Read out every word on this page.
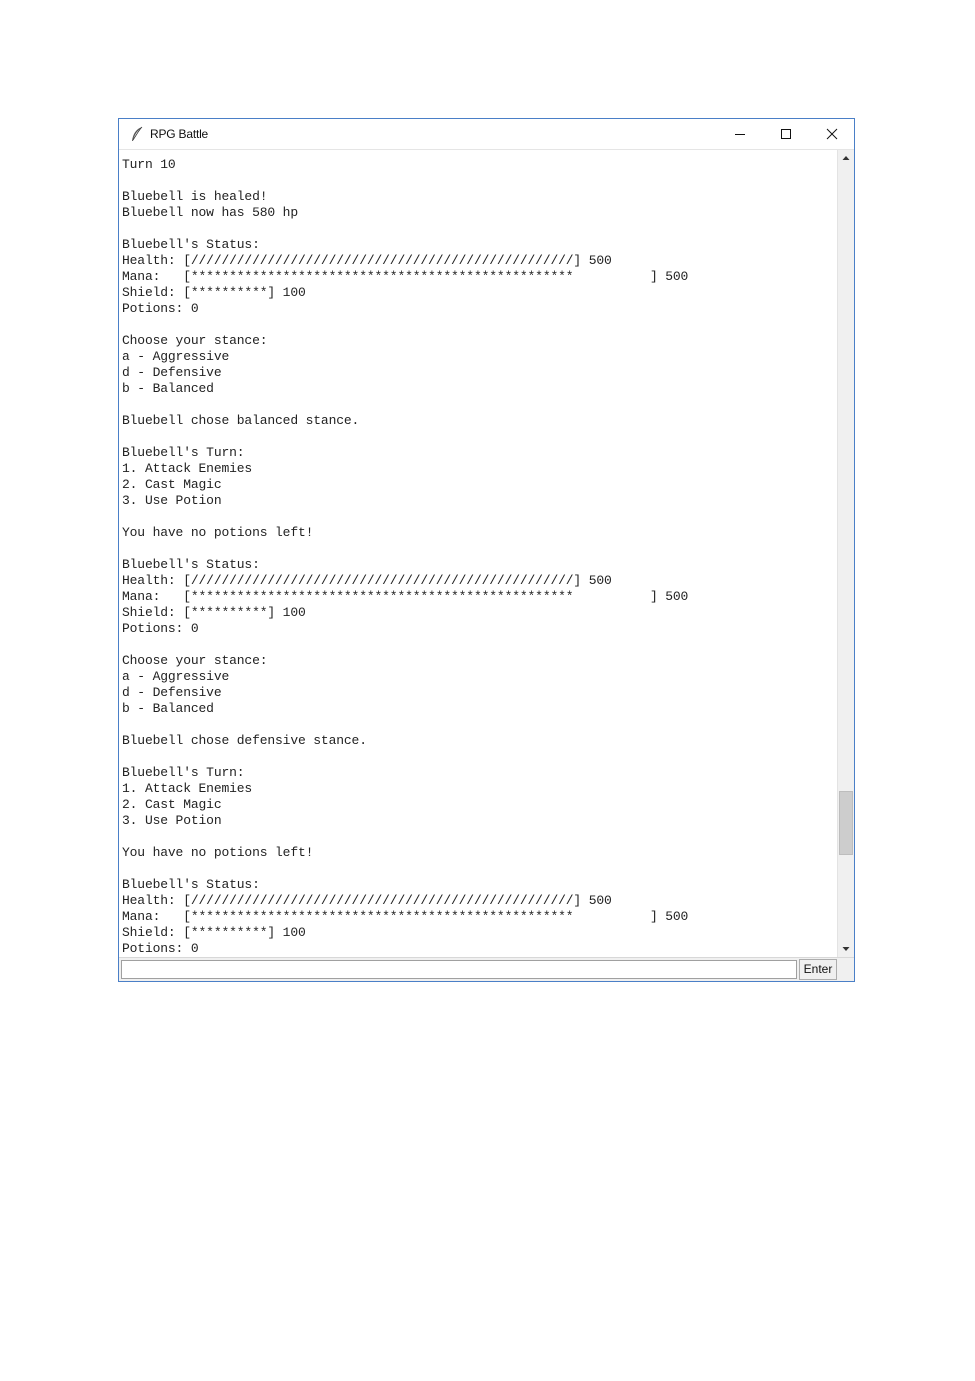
RPG Battle
Turn 10
Bluebell is healed!
Bluebell now has 580 hp
Bluebell's Status:
Health: [//////////////////////////////////////////////////] 500
Mana:   [**************************************************          ] 500
Shield: [**********] 100
Potions: 0
Choose your stance:
a - Aggressive
d - Defensive
b - Balanced
Bluebell chose balanced stance.
Bluebell's Turn:
1. Attack Enemies
2. Cast Magic
3. Use Potion
You have no potions left!
Bluebell's Status:
Health: [//////////////////////////////////////////////////] 500
Mana:   [**************************************************          ] 500
Shield: [**********] 100
Potions: 0
Choose your stance:
a - Aggressive
d - Defensive
b - Balanced
Bluebell chose defensive stance.
Bluebell's Turn:
1. Attack Enemies
2. Cast Magic
3. Use Potion
You have no potions left!
Bluebell's Status:
Health: [//////////////////////////////////////////////////] 500
Mana:   [**************************************************          ] 500
Shield: [**********] 100
Potions: 0
Enter
